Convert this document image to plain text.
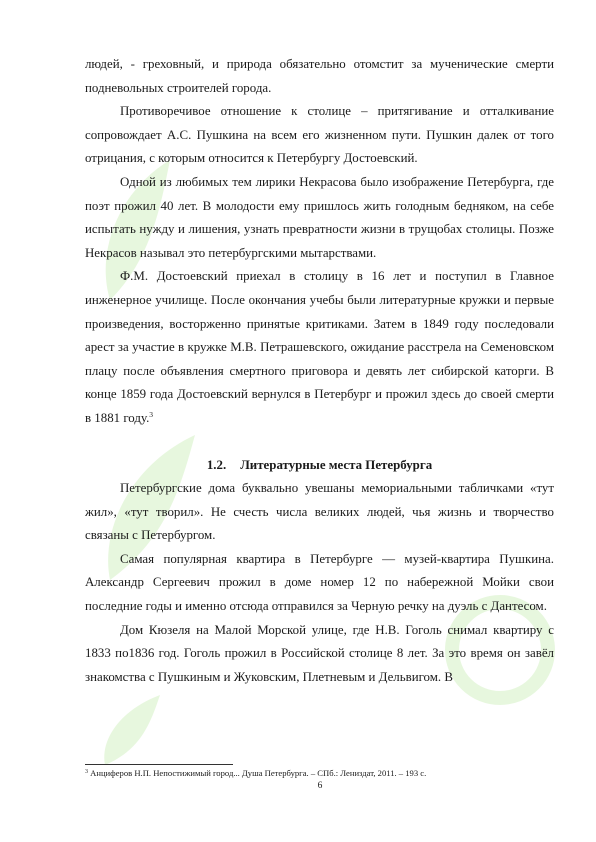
людей, - греховный, и природа обязательно отомстит за мученические смерти подневольных строителей города.

Противоречивое отношение к столице – притягивание и отталкивание сопровождает А.С. Пушкина на всем его жизненном пути. Пушкин далек от того отрицания, с которым относится к Петербургу Достоевский.

Одной из любимых тем лирики Некрасова было изображение Петербурга, где поэт прожил 40 лет. В молодости ему пришлось жить голодным бедняком, на себе испытать нужду и лишения, узнать превратности жизни в трущобах столицы. Позже Некрасов называл это петербургскими мытарствами.

Ф.М. Достоевский приехал в столицу в 16 лет и поступил в Главное инженерное училище. После окончания учебы были литературные кружки и первые произведения, восторженно принятые критиками. Затем в 1849 году последовали арест за участие в кружке М.В. Петрашевского, ожидание расстрела на Семеновском плацу после объявления смертного приговора и девять лет сибирской каторги. В конце 1859 года Достоевский вернулся в Петербург и прожил здесь до своей смерти в 1881 году.$^3$

1.2. Литературные места Петербурга

Петербургские дома буквально увешаны мемориальными табличками «тут жил», «тут творил». Не счесть числа великих людей, чья жизнь и творчество связаны с Петербургом.

Самая популярная квартира в Петербурге — музей-квартира Пушкина. Александр Сергеевич прожил в доме номер 12 по набережной Мойки свои последние годы и именно отсюда отправился за Черную речку на дуэль с Дантесом.

Дом Кюзеля на Малой Морской улице, где Н.В. Гоголь снимал квартиру с 1833 по1836 год. Гоголь прожил в Российской столице 8 лет. За это время он завёл знакомства с Пушкиным и Жуковским, Плетневым и Дельвигом. В

$^3$ Анциферов Н.П. Непостижимый город... Душа Петербурга. – СПб.: Лениздат, 2011. – 193 с.
6
